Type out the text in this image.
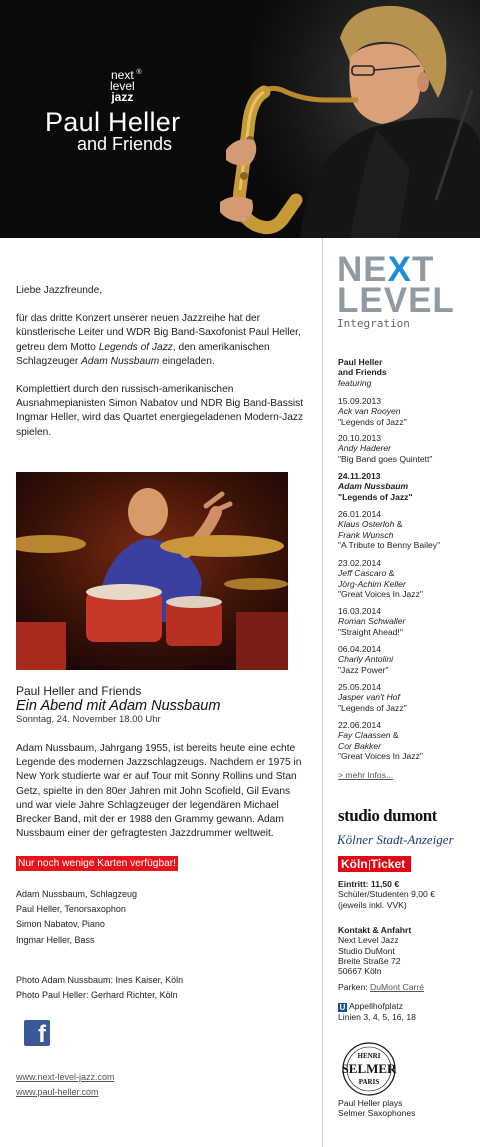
next
level
jazz
®
Paul Heller
and Friends

Liebe Jazzfreunde,

für das dritte Konzert unserer neuen Jazzreihe hat der künstlerische Leiter und WDR Big Band-Saxofonist Paul Heller, getreu dem Motto Legends of Jazz, den amerikanischen Schlagzeuger Adam Nussbaum eingeladen.

Komplettiert durch den russisch-amerikanischen Ausnahmepianisten Simon Nabatov und NDR Big Band-Bassist Ingmar Heller, wird das Quartet energiegeladenen Modern-Jazz spielen.

Paul Heller and Friends
Ein Abend mit Adam Nussbaum
Sonntag, 24. November 18.00 Uhr
Adam Nussbaum, Jahrgang 1955, ist bereits heute eine echte Legende des modernen Jazzschlagzeugs. Nachdem er 1975 in New York studierte war er auf Tour mit Sonny Rollins und Stan Getz, spielte in den 80er Jahren mit John Scofield, Gil Evans und war viele Jahre Schlagzeuger der legendären Michael Brecker Band, mit der er 1988 den Grammy gewann. Adam Nussbaum einer der gefragtesten Jazzdrummer weltweit.
Nur noch wenige Karten verfügbar!
Adam Nussbaum, Schlagzeug
Paul Heller, Tenorsaxophon
Simon Nabatov, Piano
Ingmar Heller, Bass
Photo Adam Nussbaum: Ines Kaiser, Köln
Photo Paul Heller: Gerhard Richter, Köln
f
www.next-level-jazz.com
www.paul-heller.com
NEXT
LEVEL
Integration
Paul Heller
and Friends
featuring
15.09.2013
Ack van Rooyen
"Legends of Jazz"
20.10.2013
Andy Haderer
"Big Band goes Quintett"
24.11.2013
Adam Nussbaum
"Legends of Jazz"
26.01.2014
Klaus Osterloh &
Frank Wunsch
"A Tribute to Benny Bailey"
23.02.2014
Jeff Cascaro &
Jörg-Achim Keller
"Great Voices In Jazz"
16.03.2014
Roman Schwaller
"Straight Ahead!"
06.04.2014
Charly Antolini
"Jazz Power"
25.05.2014
Jasper van't Hof
"Legends of Jazz"
22.06.2014
Fay Claassen &
Cor Bakker
"Great Voices In Jazz"
> mehr Infos...
studio dumont
Kölner Stadt-Anzeiger
Köln Ticket
Eintritt: 11,50 €
Schüler/Studenten 9,00 €
(jeweils inkl. VVK)
Kontakt & Anfahrt
Next Level Jazz
Studio DuMont
Breite Straße 72
50667 Köln
Parken: DuMont Carré
U Appellhofplatz
Linien 3, 4, 5, 16, 18
HENRI
SELMER
PARIS
Paul Heller plays
Selmer Saxophones
